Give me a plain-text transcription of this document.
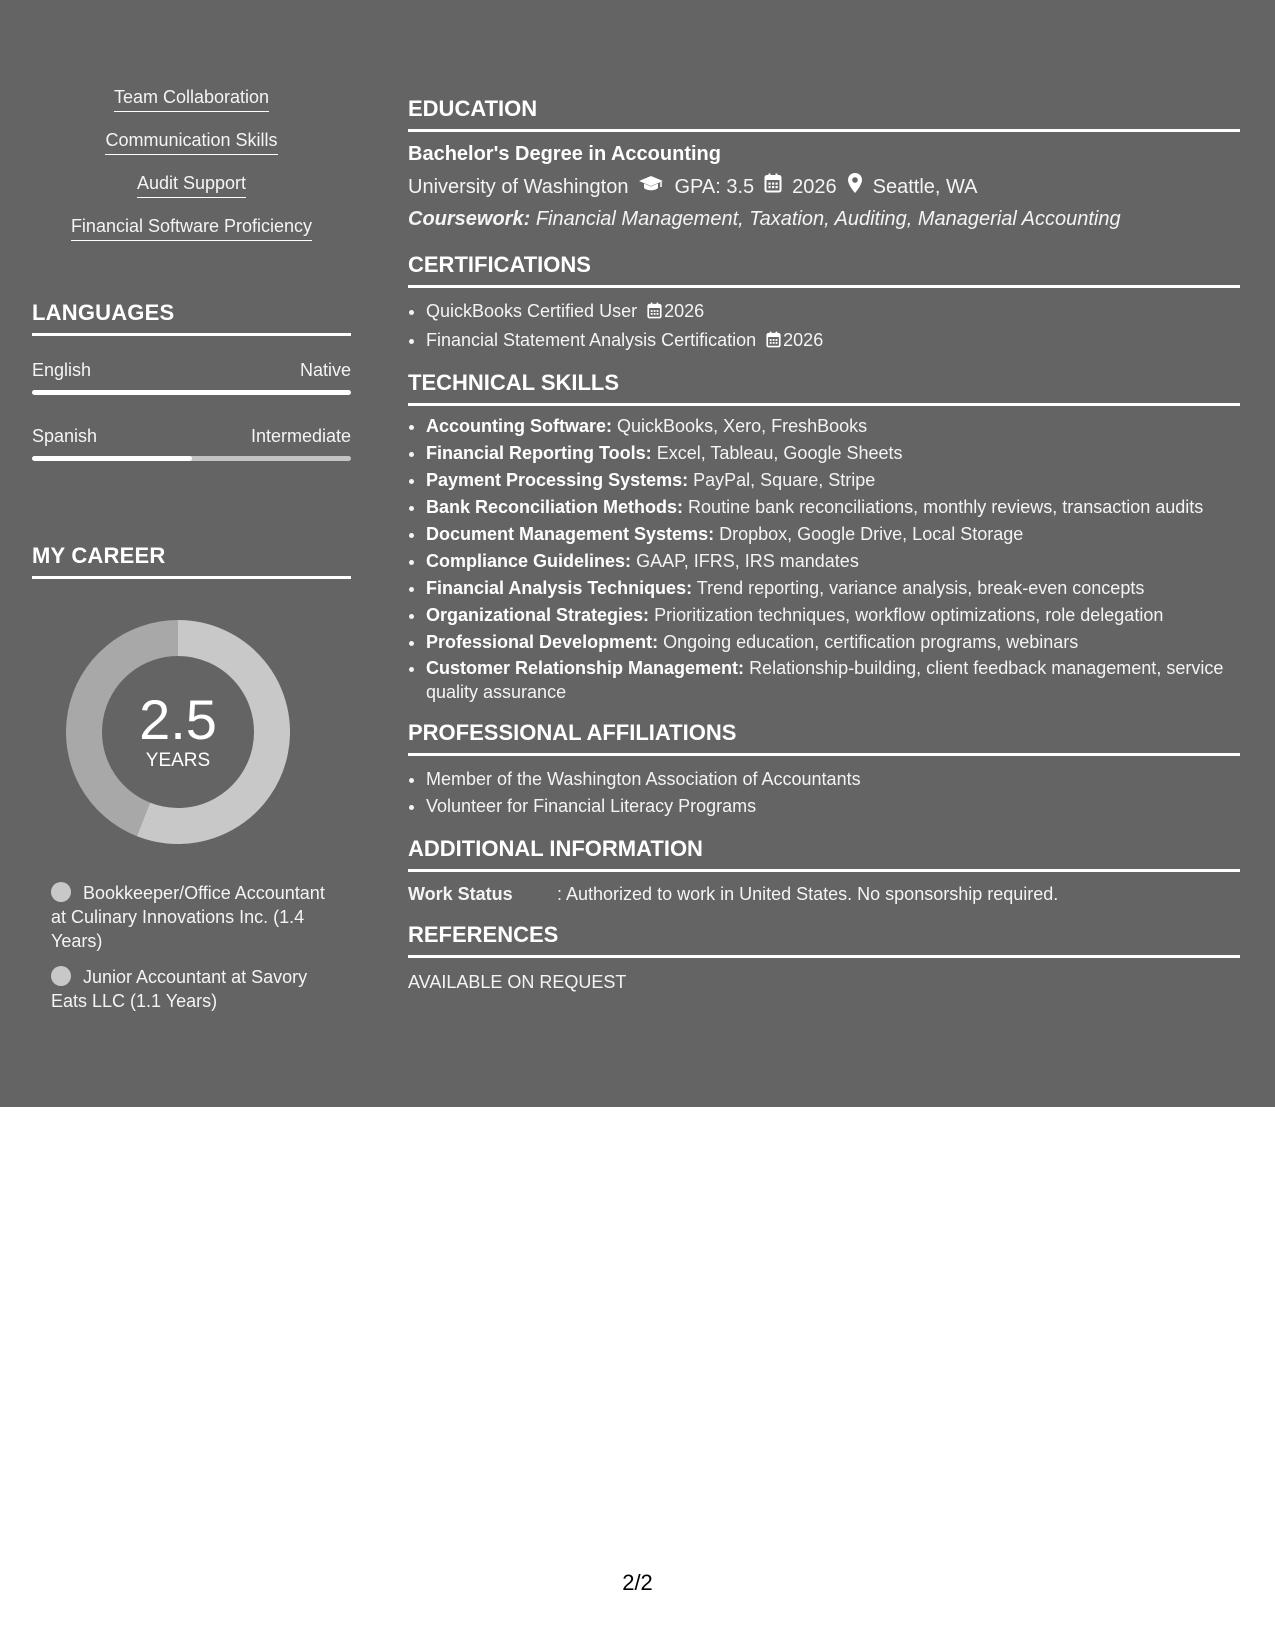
Team Collaboration
Communication Skills
Audit Support
Financial Software Proficiency
LANGUAGES
English	Native
Spanish	Intermediate
MY CAREER
2.5
YEARS
Bookkeeper/Office Accountant at Culinary Innovations Inc. (1.4 Years)
Junior Accountant at Savory Eats LLC (1.1 Years)
EDUCATION
Bachelor's Degree in Accounting
University of Washington GPA: 3.5 2026 Seattle, WA
Coursework: Financial Management, Taxation, Auditing, Managerial Accounting
CERTIFICATIONS
• QuickBooks Certified User 2026
• Financial Statement Analysis Certification 2026
TECHNICAL SKILLS
• Accounting Software: QuickBooks, Xero, FreshBooks
• Financial Reporting Tools: Excel, Tableau, Google Sheets
• Payment Processing Systems: PayPal, Square, Stripe
• Bank Reconciliation Methods: Routine bank reconciliations, monthly reviews, transaction audits
• Document Management Systems: Dropbox, Google Drive, Local Storage
• Compliance Guidelines: GAAP, IFRS, IRS mandates
• Financial Analysis Techniques: Trend reporting, variance analysis, break-even concepts
• Organizational Strategies: Prioritization techniques, workflow optimizations, role delegation
• Professional Development: Ongoing education, certification programs, webinars
• Customer Relationship Management: Relationship-building, client feedback management, service quality assurance
PROFESSIONAL AFFILIATIONS
• Member of the Washington Association of Accountants
• Volunteer for Financial Literacy Programs
ADDITIONAL INFORMATION
Work Status	: Authorized to work in United States. No sponsorship required.
REFERENCES
AVAILABLE ON REQUEST
2/2
